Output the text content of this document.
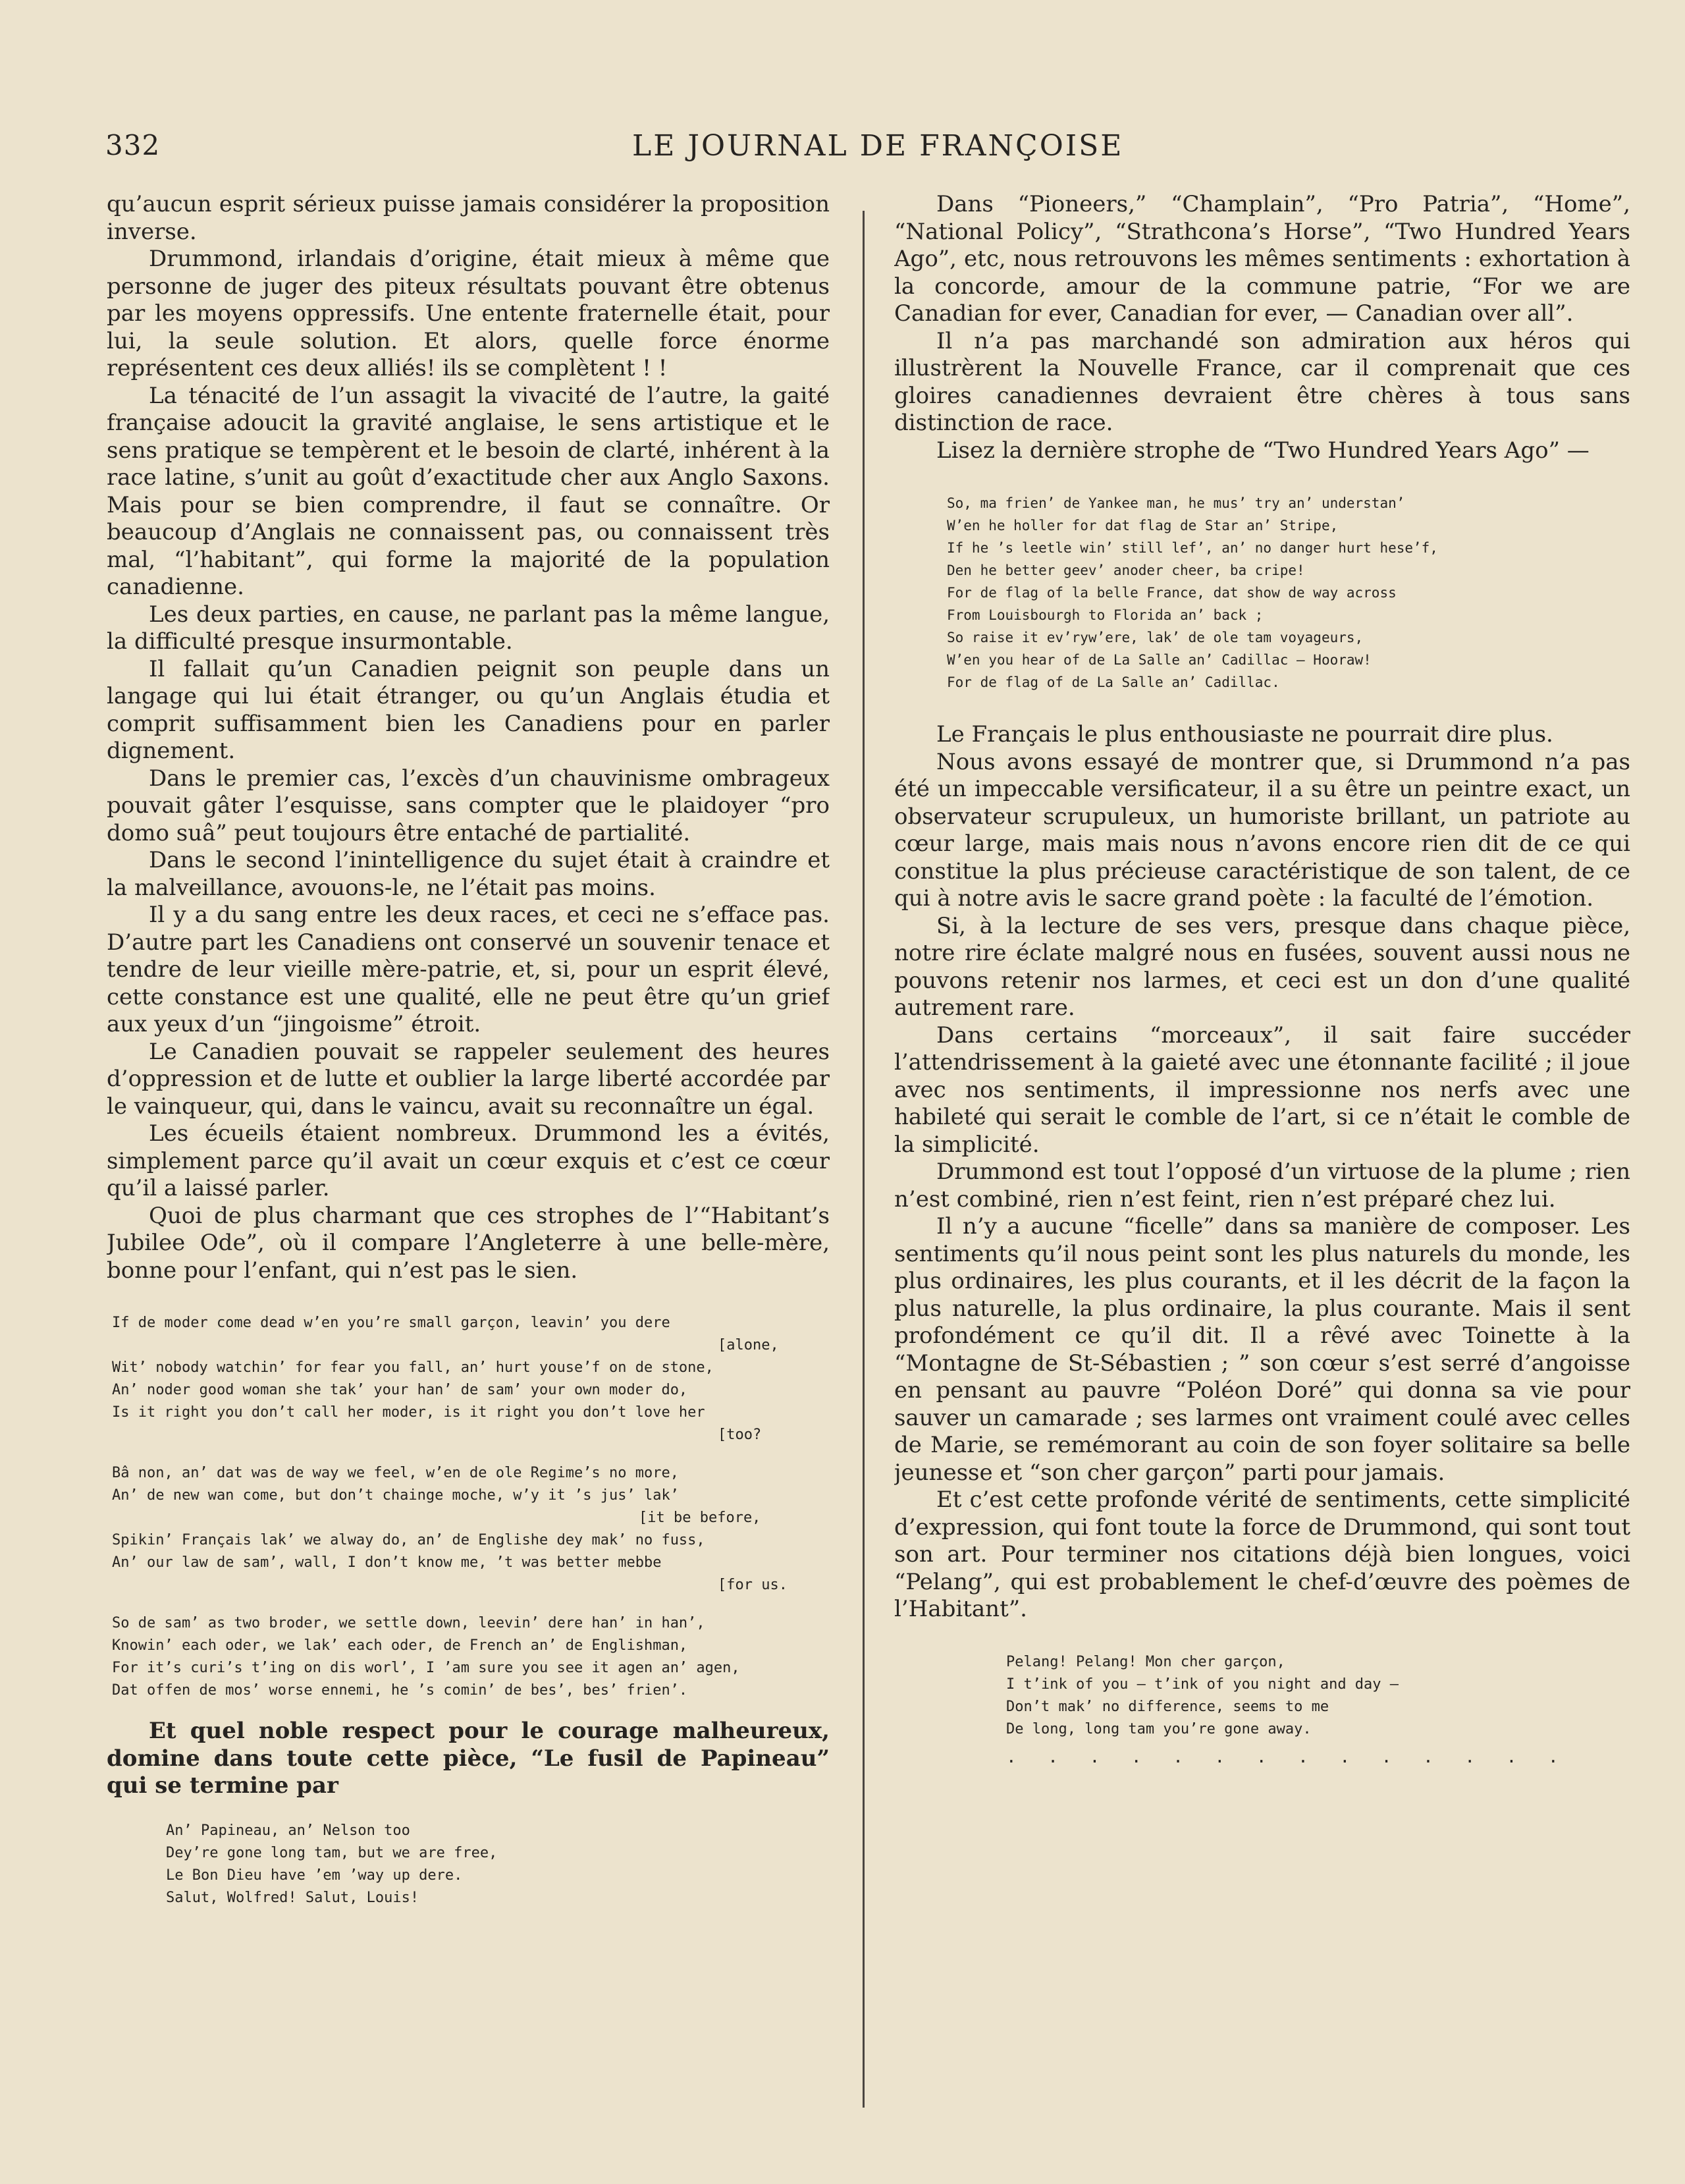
332	LE JOURNAL DE FRANÇOISE

qu’aucun esprit sérieux puisse jamais considérer la proposition inverse.

Drummond, irlandais d’origine, était mieux à même que personne de juger des piteux résultats pouvant être obtenus par les moyens oppressifs. Une entente fraternelle était, pour lui, la seule solution. Et alors, quelle force énorme représentent ces deux alliés! ils se complètent ! !

La ténacité de l’un assagit la vivacité de l’autre, la gaité française adoucit la gravité anglaise, le sens artistique et le sens pratique se tempèrent et le besoin de clarté, inhérent à la race latine, s’unit au goût d’exactitude cher aux Anglo Saxons. Mais pour se bien comprendre, il faut se connaître. Or beaucoup d’Anglais ne connaissent pas, ou connaissent très mal, “l’habitant”, qui forme la majorité de la population canadienne.

Les deux parties, en cause, ne parlant pas la même langue, la difficulté presque insurmontable.

Il fallait qu’un Canadien peignit son peuple dans un langage qui lui était étranger, ou qu’un Anglais étudia et comprit suffisamment bien les Canadiens pour en parler dignement.

Dans le premier cas, l’excès d’un chauvinisme ombrageux pouvait gâter l’esquisse, sans compter que le plaidoyer “pro domo suâ” peut toujours être entaché de partialité.

Dans le second l’inintelligence du sujet était à craindre et la malveillance, avouons-le, ne l’était pas moins.

Il y a du sang entre les deux races, et ceci ne s’efface pas. D’autre part les Canadiens ont conservé un souvenir tenace et tendre de leur vieille mère-patrie, et, si, pour un esprit élevé, cette constance est une qualité, elle ne peut être qu’un grief aux yeux d’un “jingoisme” étroit.

Le Canadien pouvait se rappeler seulement des heures d’oppression et de lutte et oublier la large liberté accordée par le vainqueur, qui, dans le vaincu, avait su reconnaître un égal.

Les écueils étaient nombreux. Drummond les a évités, simplement parce qu’il avait un cœur exquis et c’est ce cœur qu’il a laissé parler.

Quoi de plus charmant que ces strophes de l’“Habitant’s Jubilee Ode”, où il compare l’Angleterre à une belle-mère, bonne pour l’enfant, qui n’est pas le sien.

If de moder come dead w’en you’re small garçon, leavin’ you dere
[alone,
Wit’ nobody watchin’ for fear you fall, an’ hurt youse’f on de stone,
An’ noder good woman she tak’ your han’ de sam’ your own moder do,
Is it right you don’t call her moder, is it right you don’t love her
[too?
Bâ non, an’ dat was de way we feel, w’en de ole Regime’s no more,
An’ de new wan come, but don’t chainge moche, w’y it ’s jus’ lak’
[it be before,
Spikin’ Français lak’ we alway do, an’ de Englishe dey mak’ no fuss,
An’ our law de sam’, wall, I don’t know me, ’t was better mebbe
[for us.
So de sam’ as two broder, we settle down, leevin’ dere han’ in han’,
Knowin’ each oder, we lak’ each oder, de French an’ de Englishman,
For it’s curi’s t’ing on dis worl’, I ’am sure you see it agen an’ agen,
Dat offen de mos’ worse ennemi, he ’s comin’ de bes’, bes’ frien’.

Et quel noble respect pour le courage malheureux, domine dans toute cette pièce, “Le fusil de Papineau” qui se termine par

An’ Papineau, an’ Nelson too
Dey’re gone long tam, but we are free,
Le Bon Dieu have ’em ’way up dere.
Salut, Wolfred! Salut, Louis!

Dans “Pioneers,” “Champlain”, “Pro Patria”, “Home”, “National Policy”, “Strathcona’s Horse”, “Two Hundred Years Ago”, etc, nous retrouvons les mêmes sentiments : exhortation à la concorde, amour de la commune patrie, “For we are Canadian for ever, Canadian for ever, — Canadian over all”.

Il n’a pas marchandé son admiration aux héros qui illustrèrent la Nouvelle France, car il comprenait que ces gloires canadiennes devraient être chères à tous sans distinction de race.

Lisez la dernière strophe de “Two Hundred Years Ago” —

So, ma frien’ de Yankee man, he mus’ try an’ understan’
W’en he holler for dat flag de Star an’ Stripe,
If he ’s leetle win’ still lef’, an’ no danger hurt hese’f,
Den he better geev’ anoder cheer, ba cripe!
For de flag of la belle France, dat show de way across
From Louisbourgh to Florida an’ back ;
So raise it ev’ryw’ere, lak’ de ole tam voyageurs,
W’en you hear of de La Salle an’ Cadillac — Hooraw!
For de flag of de La Salle an’ Cadillac.

Le Français le plus enthousiaste ne pourrait dire plus.

Nous avons essayé de montrer que, si Drummond n’a pas été un impeccable versificateur, il a su être un peintre exact, un observateur scrupuleux, un humoriste brillant, un patriote au cœur large, mais mais nous n’avons encore rien dit de ce qui constitue la plus précieuse caractéristique de son talent, de ce qui à notre avis le sacre grand poète : la faculté de l’émotion.

Si, à la lecture de ses vers, presque dans chaque pièce, notre rire éclate malgré nous en fusées, souvent aussi nous ne pouvons retenir nos larmes, et ceci est un don d’une qualité autrement rare.

Dans certains “morceaux”, il sait faire succéder l’attendrissement à la gaieté avec une étonnante facilité ; il joue avec nos sentiments, il impressionne nos nerfs avec une habileté qui serait le comble de l’art, si ce n’était le comble de la simplicité.

Drummond est tout l’opposé d’un virtuose de la plume ; rien n’est combiné, rien n’est feint, rien n’est préparé chez lui.

Il n’y a aucune “ficelle” dans sa manière de composer. Les sentiments qu’il nous peint sont les plus naturels du monde, les plus ordinaires, les plus courants, et il les décrit de la façon la plus naturelle, la plus ordinaire, la plus courante. Mais il sent profondément ce qu’il dit. Il a rêvé avec Toinette à la “Montagne de St-Sébastien ; ” son cœur s’est serré d’angoisse en pensant au pauvre “Poléon Doré” qui donna sa vie pour sauver un camarade ; ses larmes ont vraiment coulé avec celles de Marie, se remémorant au coin de son foyer solitaire sa belle jeunesse et “son cher garçon” parti pour jamais.

Et c’est cette profonde vérité de sentiments, cette simplicité d’expression, qui font toute la force de Drummond, qui sont tout son art. Pour terminer nos citations déjà bien longues, voici “Pelang”, qui est probablement le chef-d’œuvre des poèmes de l’Habitant”.

Pelang! Pelang! Mon cher garçon,
I t’ink of you — t’ink of you night and day —
Don’t mak’ no difference, seems to me
De long, long tam you’re gone away.
. . . . . . . . . . . . . .
